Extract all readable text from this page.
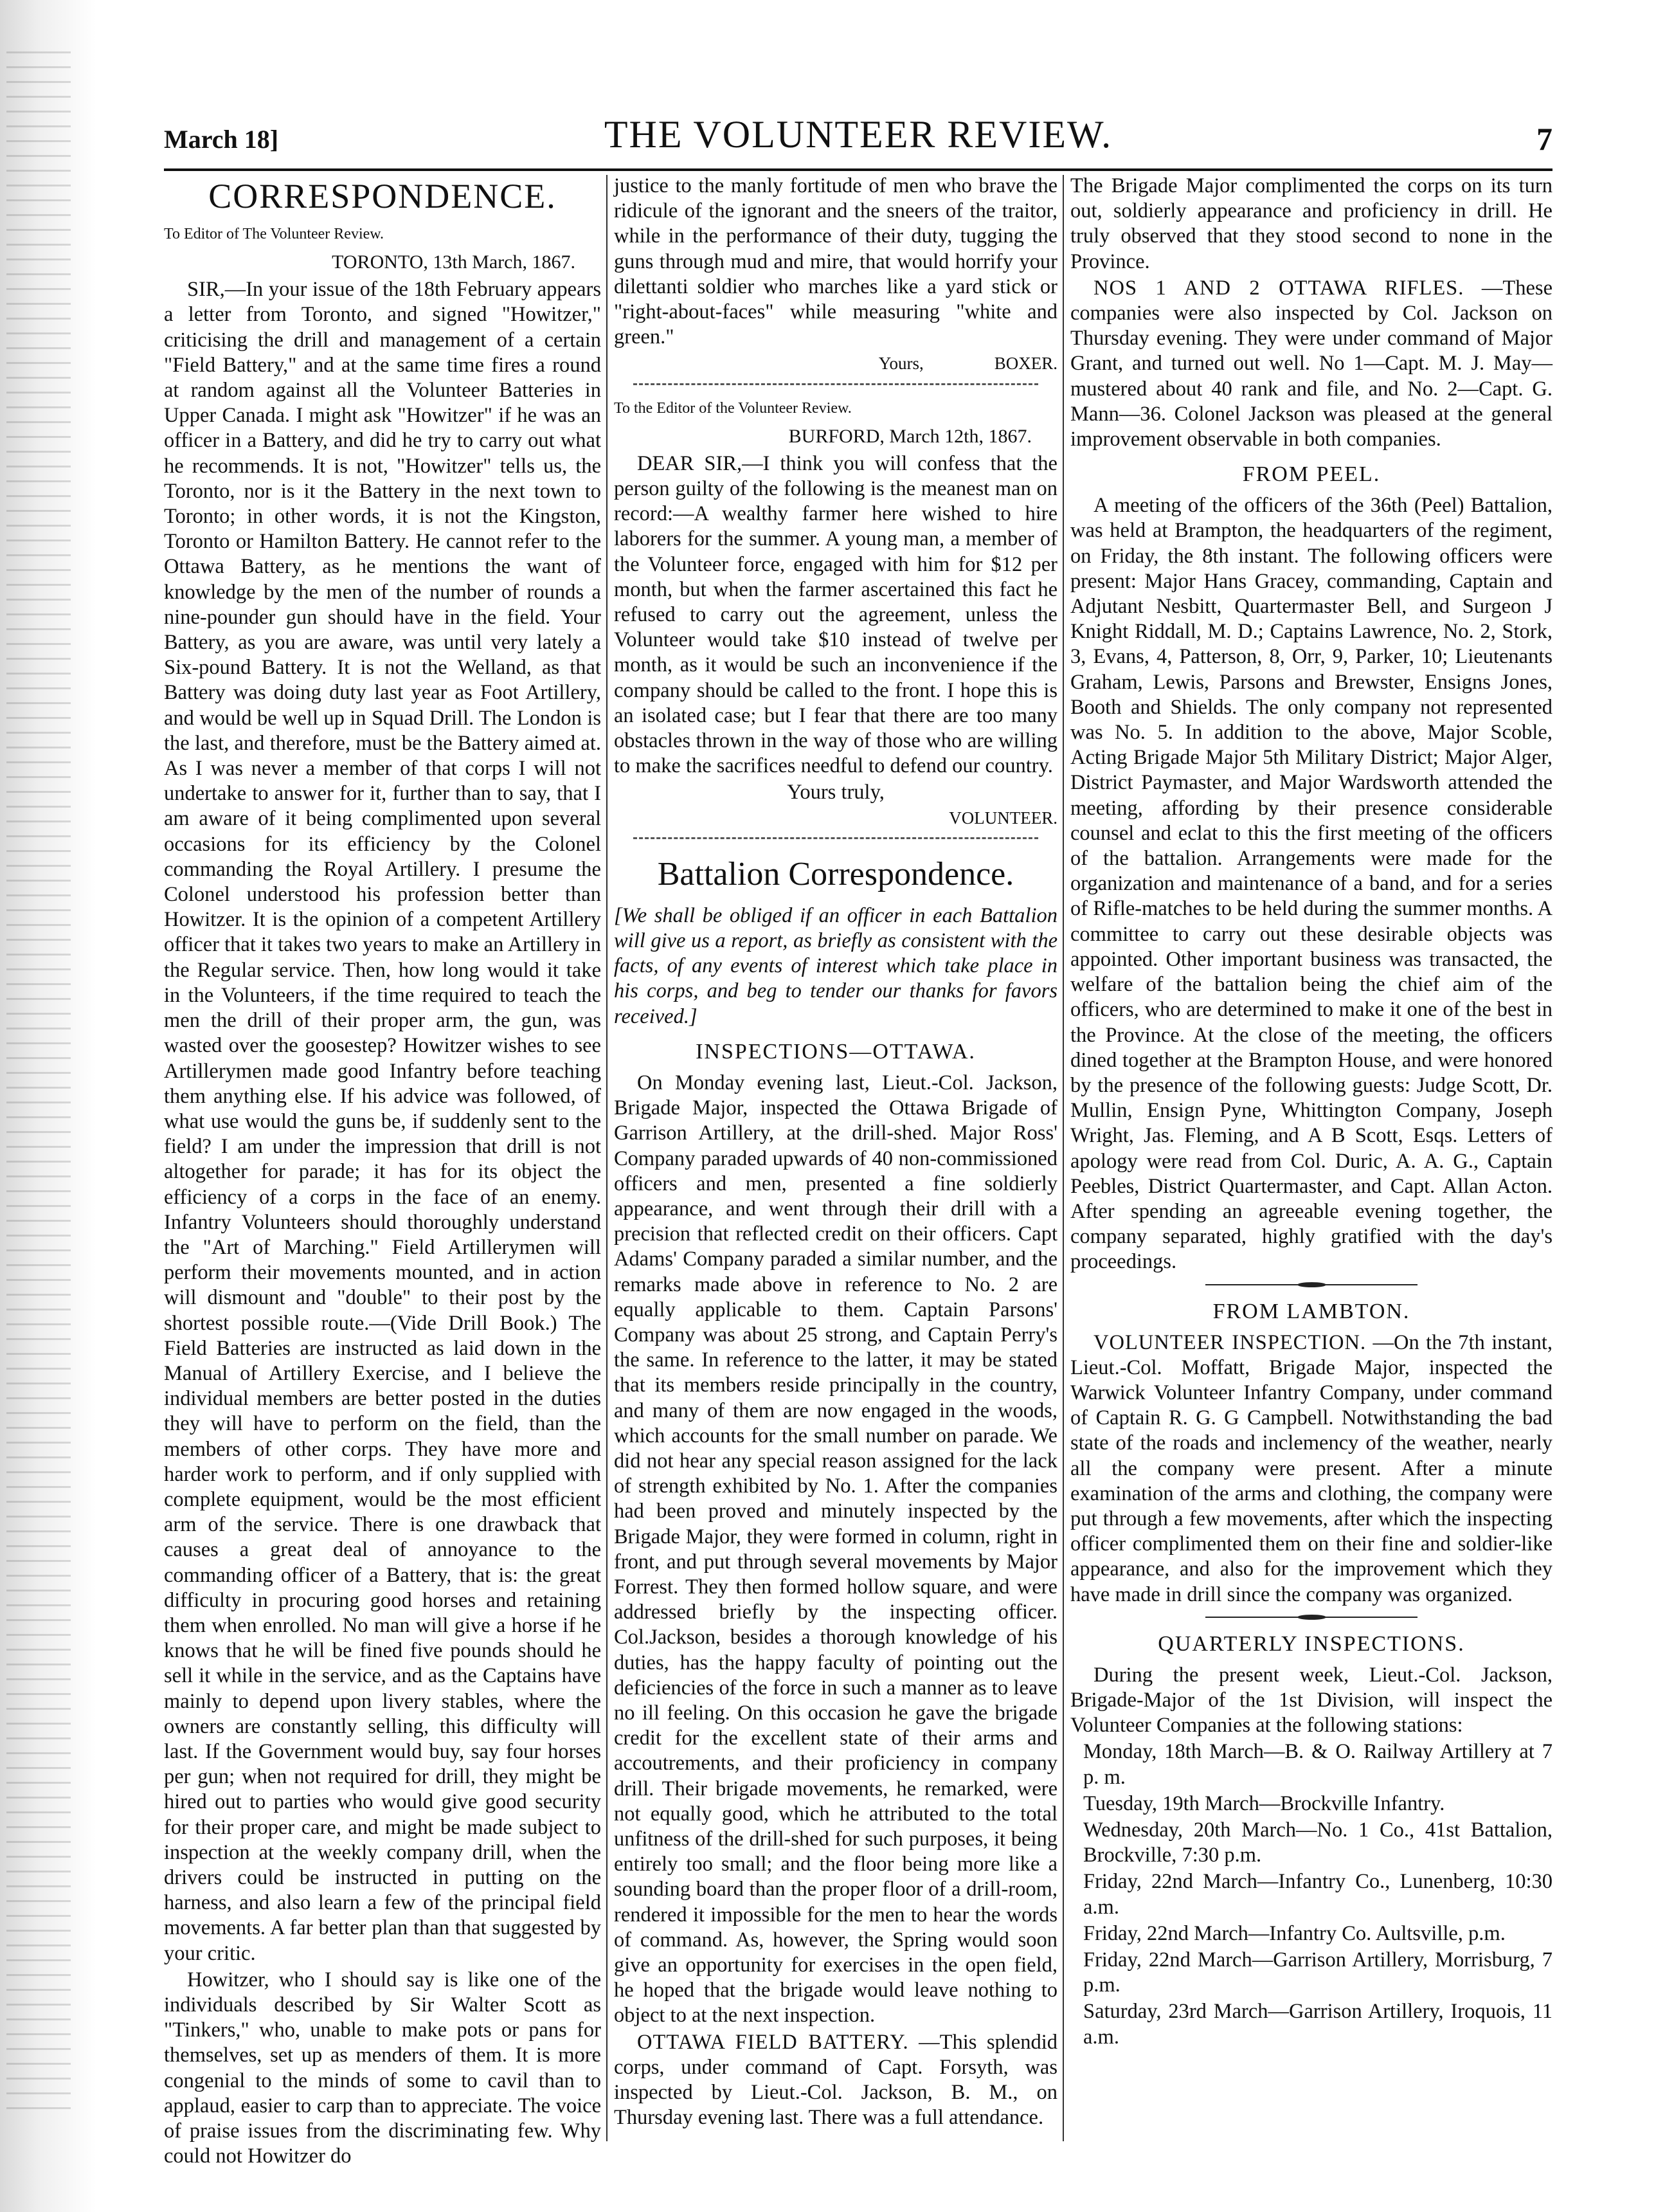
March 18]	THE VOLUNTEER REVIEW.	7
CORRESPONDENCE.
To Editor of The Volunteer Review.
TORONTO, 13th March, 1867.

SIR,—In your issue of the 18th February appears a letter from Toronto, and signed "Howitzer," criticising the drill and management of a certain "Field Battery," and at the same time fires a round at random against all the Volunteer Batteries in Upper Canada. I might ask "Howitzer" if he was an officer in a Battery, and did he try to carry out what he recommends. It is not, "Howitzer" tells us, the Toronto, nor is it the Battery in the next town to Toronto; in other words, it is not the Kingston, Toronto or Hamilton Battery. He cannot refer to the Ottawa Battery, as he mentions the want of knowledge by the men of the number of rounds a nine-pounder gun should have in the field. Your Battery, as you are aware, was until very lately a Six-pound Battery. It is not the Welland, as that Battery was doing duty last year as Foot Artillery, and would be well up in Squad Drill. The London is the last, and therefore, must be the Battery aimed at. As I was never a member of that corps I will not undertake to answer for it, further than to say, that I am aware of it being complimented upon several occasions for its efficiency by the Colonel commanding the Royal Artillery. I presume the Colonel understood his profession better than Howitzer. It is the opinion of a competent Artillery officer that it takes two years to make an Artillery in the Regular service. Then, how long would it take in the Volunteers, if the time required to teach the men the drill of their proper arm, the gun, was wasted over the goosestep? Howitzer wishes to see Artillerymen made good Infantry before teaching them anything else. If his advice was followed, of what use would the guns be, if suddenly sent to the field? I am under the impression that drill is not altogether for parade; it has for its object the efficiency of a corps in the face of an enemy. Infantry Volunteers should thoroughly understand the "Art of Marching." Field Artillerymen will perform their movements mounted, and in action will dismount and "double" to their post by the shortest possible route.—(Vide Drill Book.) The Field Batteries are instructed as laid down in the Manual of Artillery Exercise, and I believe the individual members are better posted in the duties they will have to perform on the field, than the members of other corps. They have more and harder work to perform, and if only supplied with complete equipment, would be the most efficient arm of the service. There is one drawback that causes a great deal of annoyance to the commanding officer of a Battery, that is: the great difficulty in procuring good horses and retaining them when enrolled. No man will give a horse if he knows that he will be fined five pounds should he sell it while in the service, and as the Captains have mainly to depend upon livery stables, where the owners are constantly selling, this difficulty will last. If the Government would buy, say four horses per gun; when not required for drill, they might be hired out to parties who would give good security for their proper care, and might be made subject to inspection at the weekly company drill, when the drivers could be instructed in putting on the harness, and also learn a few of the principal field movements. A far better plan than that suggested by your critic.

Howitzer, who I should say is like one of the individuals described by Sir Walter Scott as "Tinkers," who, unable to make pots or pans for themselves, set up as menders of them. It is more congenial to the minds of some to cavil than to applaud, easier to carp than to appreciate. The voice of praise issues from the discriminating few. Why could not Howitzer do

justice to the manly fortitude of men who brave the ridicule of the ignorant and the sneers of the traitor, while in the performance of their duty, tugging the guns through mud and mire, that would horrify your dilettanti soldier who marches like a yard stick or "right-about-faces" while measuring "white and green."

Yours,	BOXER.
To the Editor of the Volunteer Review.
BURFORD, March 12th, 1867.

DEAR SIR,—I think you will confess that the person guilty of the following is the meanest man on record:—A wealthy farmer here wished to hire laborers for the summer. A young man, a member of the Volunteer force, engaged with him for $12 per month, but when the farmer ascertained this fact he refused to carry out the agreement, unless the Volunteer would take $10 instead of twelve per month, as it would be such an inconvenience if the company should be called to the front. I hope this is an isolated case; but I fear that there are too many obstacles thrown in the way of those who are willing to make the sacrifices needful to defend our country.

Yours truly,
VOLUNTEER.
Battalion Correspondence.

[We shall be obliged if an officer in each Battalion will give us a report, as briefly as consistent with the facts, of any events of interest which take place in his corps, and beg to tender our thanks for favors received.]

INSPECTIONS—OTTAWA.

On Monday evening last, Lieut.-Col. Jackson, Brigade Major, inspected the Ottawa Brigade of Garrison Artillery, at the drill-shed. Major Ross' Company paraded upwards of 40 non-commissioned officers and men, presented a fine soldierly appearance, and went through their drill with a precision that reflected credit on their officers. Capt Adams' Company paraded a similar number, and the remarks made above in reference to No. 2 are equally applicable to them. Captain Parsons' Company was about 25 strong, and Captain Perry's the same. In reference to the latter, it may be stated that its members reside principally in the country, and many of them are now engaged in the woods, which accounts for the small number on parade. We did not hear any special reason assigned for the lack of strength exhibited by No. 1. After the companies had been proved and minutely inspected by the Brigade Major, they were formed in column, right in front, and put through several movements by Major Forrest. They then formed hollow square, and were addressed briefly by the inspecting officer. Col.Jackson, besides a thorough knowledge of his duties, has the happy faculty of pointing out the deficiencies of the force in such a manner as to leave no ill feeling. On this occasion he gave the brigade credit for the excellent state of their arms and accoutrements, and their proficiency in company drill. Their brigade movements, he remarked, were not equally good, which he attributed to the total unfitness of the drill-shed for such purposes, it being entirely too small; and the floor being more like a sounding board than the proper floor of a drill-room, rendered it impossible for the men to hear the words of command. As, however, the Spring would soon give an opportunity for exercises in the open field, he hoped that the brigade would leave nothing to object to at the next inspection.

OTTAWA FIELD BATTERY. —This splendid corps, under command of Capt. Forsyth, was inspected by Lieut.-Col. Jackson, B. M., on Thursday evening last. There was a full attendance.

The Brigade Major complimented the corps on its turn out, soldierly appearance and proficiency in drill. He truly observed that they stood second to none in the Province.

NOS 1 AND 2 OTTAWA RIFLES. —These companies were also inspected by Col. Jackson on Thursday evening. They were under command of Major Grant, and turned out well. No 1—Capt. M. J. May—mustered about 40 rank and file, and No. 2—Capt. G. Mann—36. Colonel Jackson was pleased at the general improvement observable in both companies.

FROM PEEL.

A meeting of the officers of the 36th (Peel) Battalion, was held at Brampton, the headquarters of the regiment, on Friday, the 8th instant. The following officers were present: Major Hans Gracey, commanding, Captain and Adjutant Nesbitt, Quartermaster Bell, and Surgeon J Knight Riddall, M. D.; Captains Lawrence, No. 2, Stork, 3, Evans, 4, Patterson, 8, Orr, 9, Parker, 10; Lieutenants Graham, Lewis, Parsons and Brewster, Ensigns Jones, Booth and Shields. The only company not represented was No. 5. In addition to the above, Major Scoble, Acting Brigade Major 5th Military District; Major Alger, District Paymaster, and Major Wardsworth attended the meeting, affording by their presence considerable counsel and eclat to this the first meeting of the officers of the battalion. Arrangements were made for the organization and maintenance of a band, and for a series of Rifle-matches to be held during the summer months. A committee to carry out these desirable objects was appointed. Other important business was transacted, the welfare of the battalion being the chief aim of the officers, who are determined to make it one of the best in the Province. At the close of the meeting, the officers dined together at the Brampton House, and were honored by the presence of the following guests: Judge Scott, Dr. Mullin, Ensign Pyne, Whittington Company, Joseph Wright, Jas. Fleming, and A B Scott, Esqs. Letters of apology were read from Col. Duric, A. A. G., Captain Peebles, District Quartermaster, and Capt. Allan Acton. After spending an agreeable evening together, the company separated, highly gratified with the day's proceedings.

FROM LAMBTON.

VOLUNTEER INSPECTION. —On the 7th instant, Lieut.-Col. Moffatt, Brigade Major, inspected the Warwick Volunteer Infantry Company, under command of Captain R. G. G Campbell. Notwithstanding the bad state of the roads and inclemency of the weather, nearly all the company were present. After a minute examination of the arms and clothing, the company were put through a few movements, after which the inspecting officer complimented them on their fine and soldier-like appearance, and also for the improvement which they have made in drill since the company was organized.

QUARTERLY INSPECTIONS.

During the present week, Lieut.-Col. Jackson, Brigade-Major of the 1st Division, will inspect the Volunteer Companies at the following stations:

Monday, 18th March—B. & O. Railway Artillery at 7 p. m.

Tuesday, 19th March—Brockville Infantry.

Wednesday, 20th March—No. 1 Co., 41st Battalion, Brockville, 7:30 p.m.

Friday, 22nd March—Infantry Co., Lunenberg, 10:30 a.m.

Friday, 22nd March—Infantry Co. Aultsville, p.m.

Friday, 22nd March—Garrison Artillery, Morrisburg, 7 p.m.

Saturday, 23rd March—Garrison Artillery, Iroquois, 11 a.m.
